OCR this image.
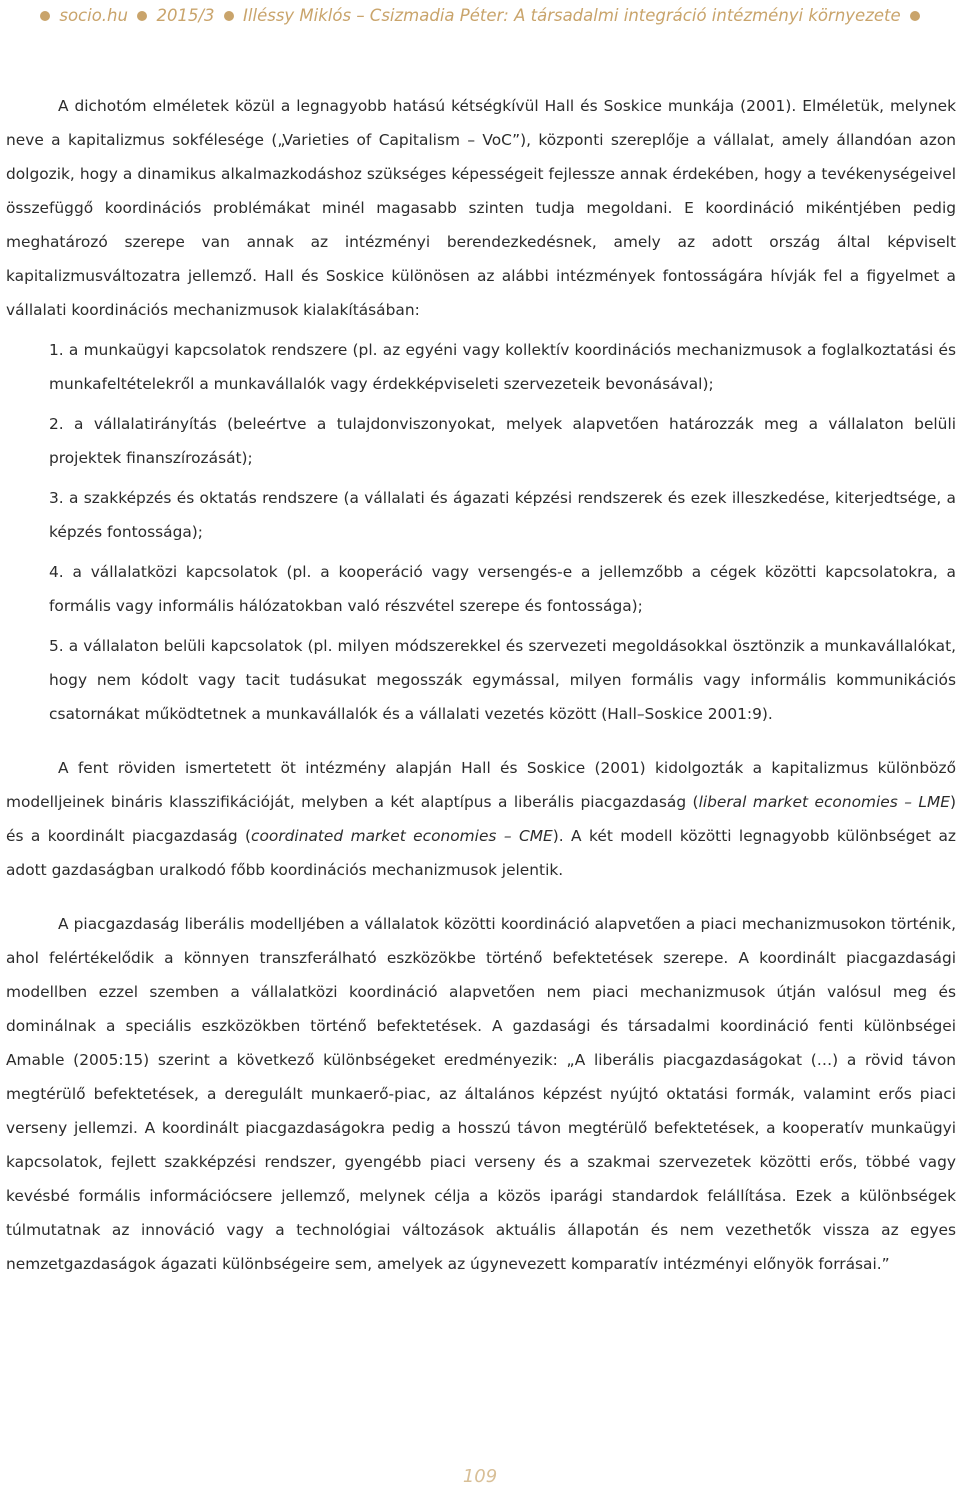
socio.hu 2015/3 Illéssy Miklós – Csizmadia Péter: A társadalmi integráció intézményi környezete

A dichotóm elméletek közül a legnagyobb hatású kétségkívül Hall és Soskice munkája (2001). Elméletük, melynek neve a kapitalizmus sokfélesége („Varieties of Capitalism – VoC”), központi szereplője a vállalat, amely állandóan azon dolgozik, hogy a dinamikus alkalmazkodáshoz szükséges képességeit fejlessze annak érdekében, hogy a tevékenységeivel összefüggő koordinációs problémákat minél magasabb szinten tudja megoldani. E koordináció mikéntjében pedig meghatározó szerepe van annak az intézményi berendezkedésnek, amely az adott ország által képviselt kapitalizmusváltozatra jellemző. Hall és Soskice különösen az alábbi intézmények fontosságára hívják fel a figyelmet a vállalati koordinációs mechanizmusok kialakításában:

1. a munkaügyi kapcsolatok rendszere (pl. az egyéni vagy kollektív koordinációs mechanizmusok a foglalkoztatási és munkafeltételekről a munkavállalók vagy érdekképviseleti szervezeteik bevonásával);

2. a vállalatirányítás (beleértve a tulajdonviszonyokat, melyek alapvetően határozzák meg a vállalaton belüli projektek finanszírozását);

3. a szakképzés és oktatás rendszere (a vállalati és ágazati képzési rendszerek és ezek illeszkedése, kiterjedtsége, a képzés fontossága);

4. a vállalatközi kapcsolatok (pl. a kooperáció vagy versengés-e a jellemzőbb a cégek közötti kapcsolatokra, a formális vagy informális hálózatokban való részvétel szerepe és fontossága);

5. a vállalaton belüli kapcsolatok (pl. milyen módszerekkel és szervezeti megoldásokkal ösztönzik a munkavállalókat, hogy nem kódolt vagy tacit tudásukat megosszák egymással, milyen formális vagy informális kommunikációs csatornákat működtetnek a munkavállalók és a vállalati vezetés között (Hall–Soskice 2001:9).

A fent röviden ismertetett öt intézmény alapján Hall és Soskice (2001) kidolgozták a kapitalizmus különböző modelljeinek bináris klasszifikációját, melyben a két alaptípus a liberális piacgazdaság (liberal market economies – LME) és a koordinált piacgazdaság (coordinated market economies – CME). A két modell közötti legnagyobb különbséget az adott gazdaságban uralkodó főbb koordinációs mechanizmusok jelentik.

A piacgazdaság liberális modelljében a vállalatok közötti koordináció alapvetően a piaci mechanizmusokon történik, ahol felértékelődik a könnyen transzferálható eszközökbe történő befektetések szerepe. A koordinált piacgazdasági modellben ezzel szemben a vállalatközi koordináció alapvetően nem piaci mechanizmusok útján valósul meg és dominálnak a speciális eszközökben történő befektetések. A gazdasági és társadalmi koordináció fenti különbségei Amable (2005:15) szerint a következő különbségeket eredményezik: „A liberális piacgazdaságokat (…) a rövid távon megtérülő befektetések, a deregulált munkaerő-piac, az általános képzést nyújtó oktatási formák, valamint erős piaci verseny jellemzi. A koordinált piacgazdaságokra pedig a hosszú távon megtérülő befektetések, a kooperatív munkaügyi kapcsolatok, fejlett szakképzési rendszer, gyengébb piaci verseny és a szakmai szervezetek közötti erős, többé vagy kevésbé formális információcsere jellemző, melynek célja a közös iparági standardok felállítása. Ezek a különbségek túlmutatnak az innováció vagy a technológiai változások aktuális állapotán és nem vezethetők vissza az egyes nemzetgazdaságok ágazati különbségeire sem, amelyek az úgynevezett komparatív intézményi előnyök forrásai.”

109
